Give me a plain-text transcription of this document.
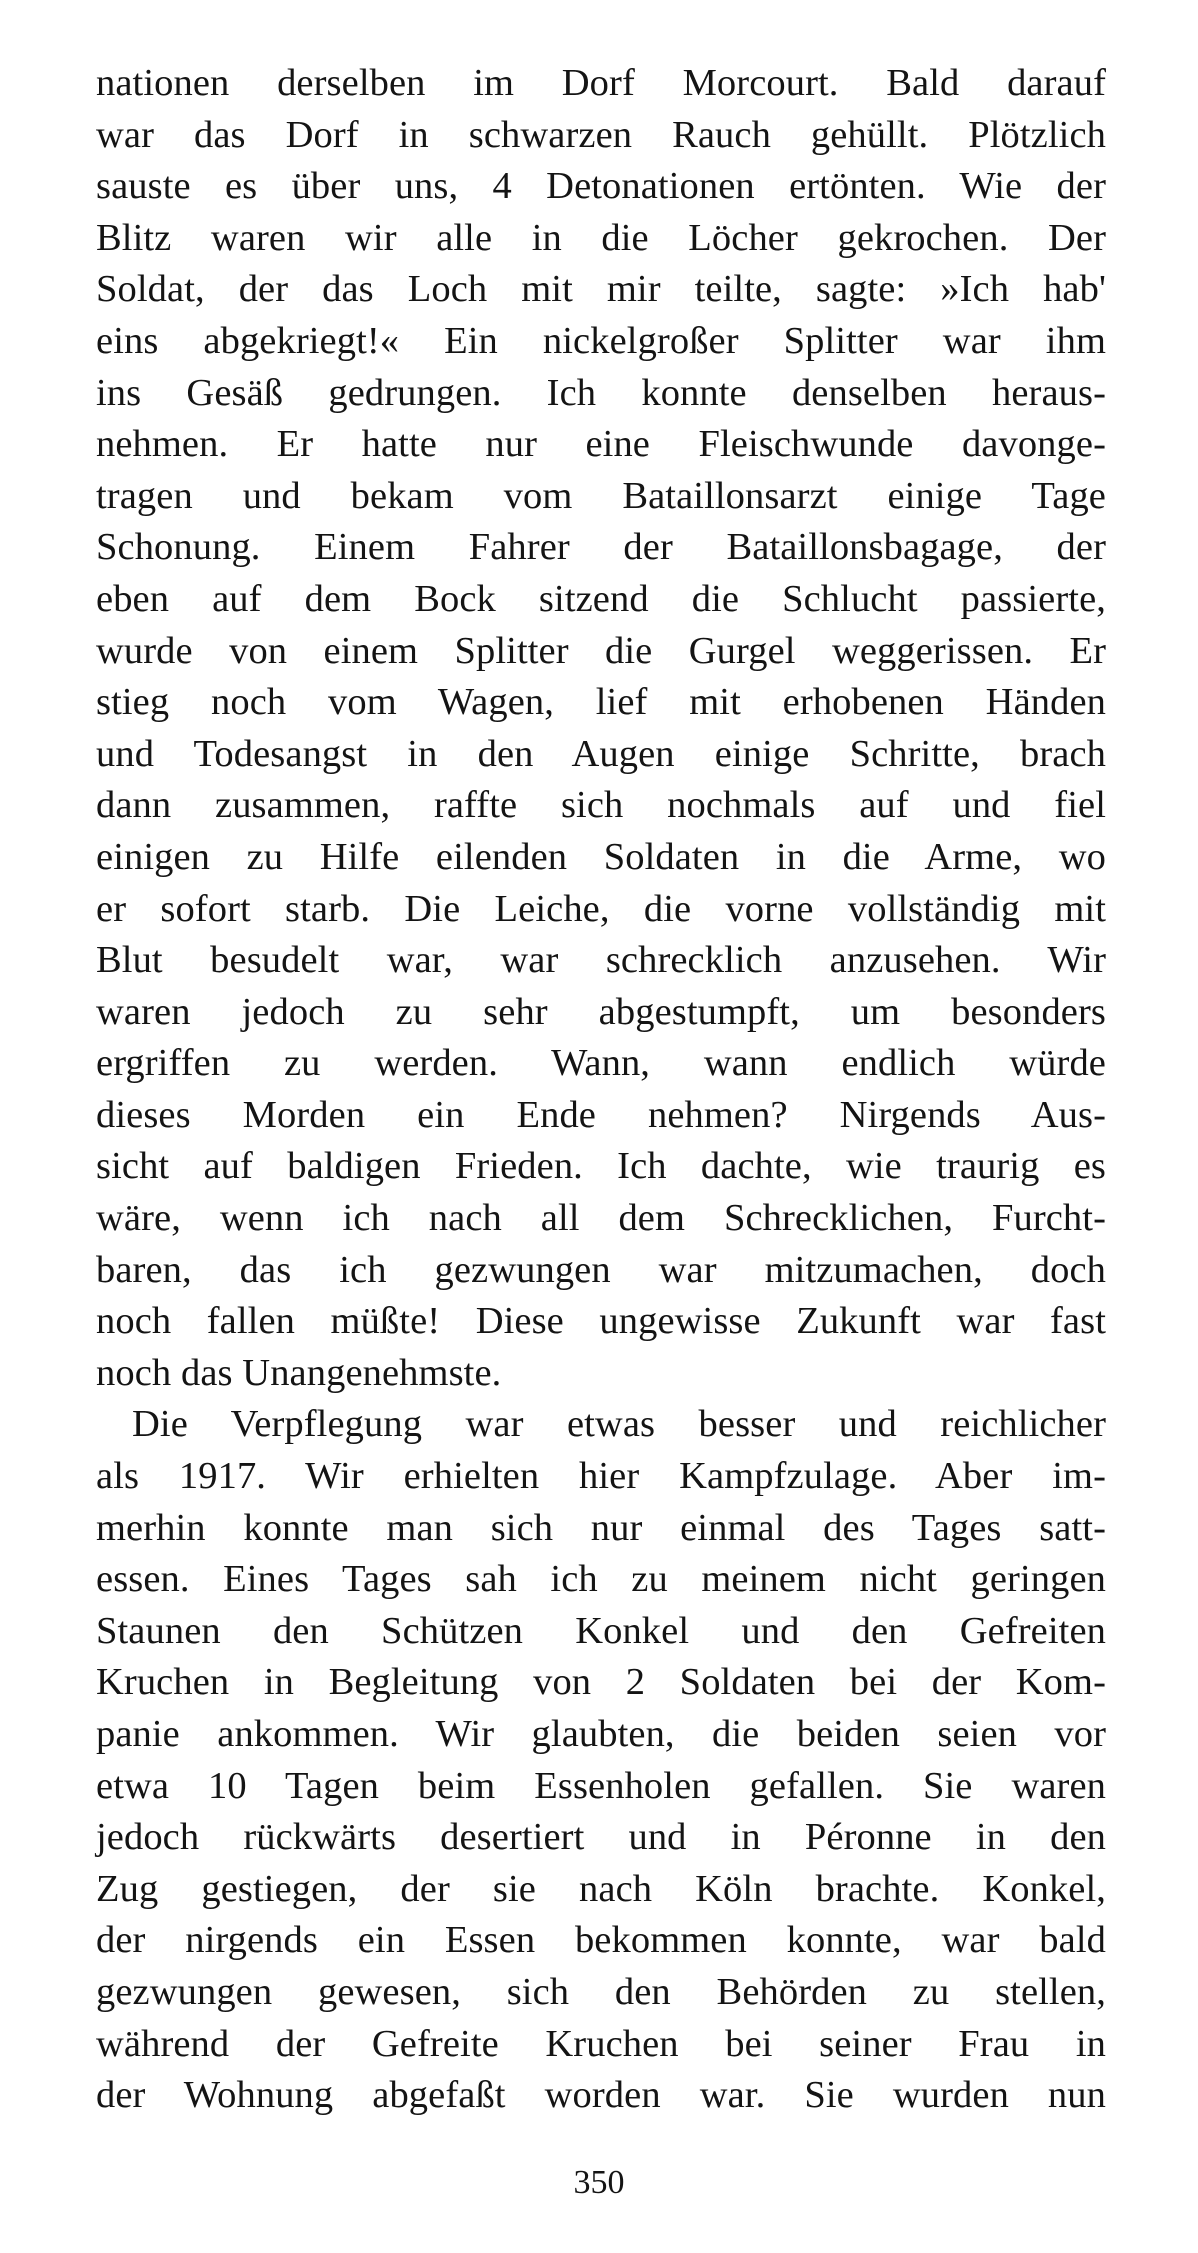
nationen derselben im Dorf Morcourt. Bald darauf
war das Dorf in schwarzen Rauch gehüllt. Plötzlich
sauste es über uns, 4 Detonationen ertönten. Wie der
Blitz waren wir alle in die Löcher gekrochen. Der
Soldat, der das Loch mit mir teilte, sagte: »Ich hab'
eins abgekriegt!« Ein nickelgroßer Splitter war ihm
ins Gesäß gedrungen. Ich konnte denselben heraus-
nehmen. Er hatte nur eine Fleischwunde davonge-
tragen und bekam vom Bataillonsarzt einige Tage
Schonung. Einem Fahrer der Bataillonsbagage, der
eben auf dem Bock sitzend die Schlucht passierte,
wurde von einem Splitter die Gurgel weggerissen. Er
stieg noch vom Wagen, lief mit erhobenen Händen
und Todesangst in den Augen einige Schritte, brach
dann zusammen, raffte sich nochmals auf und fiel
einigen zu Hilfe eilenden Soldaten in die Arme, wo
er sofort starb. Die Leiche, die vorne vollständig mit
Blut besudelt war, war schrecklich anzusehen. Wir
waren jedoch zu sehr abgestumpft, um besonders
ergriffen zu werden. Wann, wann endlich würde
dieses Morden ein Ende nehmen? Nirgends Aus-
sicht auf baldigen Frieden. Ich dachte, wie traurig es
wäre, wenn ich nach all dem Schrecklichen, Furcht-
baren, das ich gezwungen war mitzumachen, doch
noch fallen müßte! Diese ungewisse Zukunft war fast
noch das Unangenehmste.
Die Verpflegung war etwas besser und reichlicher
als 1917. Wir erhielten hier Kampfzulage. Aber im-
merhin konnte man sich nur einmal des Tages satt-
essen. Eines Tages sah ich zu meinem nicht geringen
Staunen den Schützen Konkel und den Gefreiten
Kruchen in Begleitung von 2 Soldaten bei der Kom-
panie ankommen. Wir glaubten, die beiden seien vor
etwa 10 Tagen beim Essenholen gefallen. Sie waren
jedoch rückwärts desertiert und in Péronne in den
Zug gestiegen, der sie nach Köln brachte. Konkel,
der nirgends ein Essen bekommen konnte, war bald
gezwungen gewesen, sich den Behörden zu stellen,
während der Gefreite Kruchen bei seiner Frau in
der Wohnung abgefaßt worden war. Sie wurden nun
350
